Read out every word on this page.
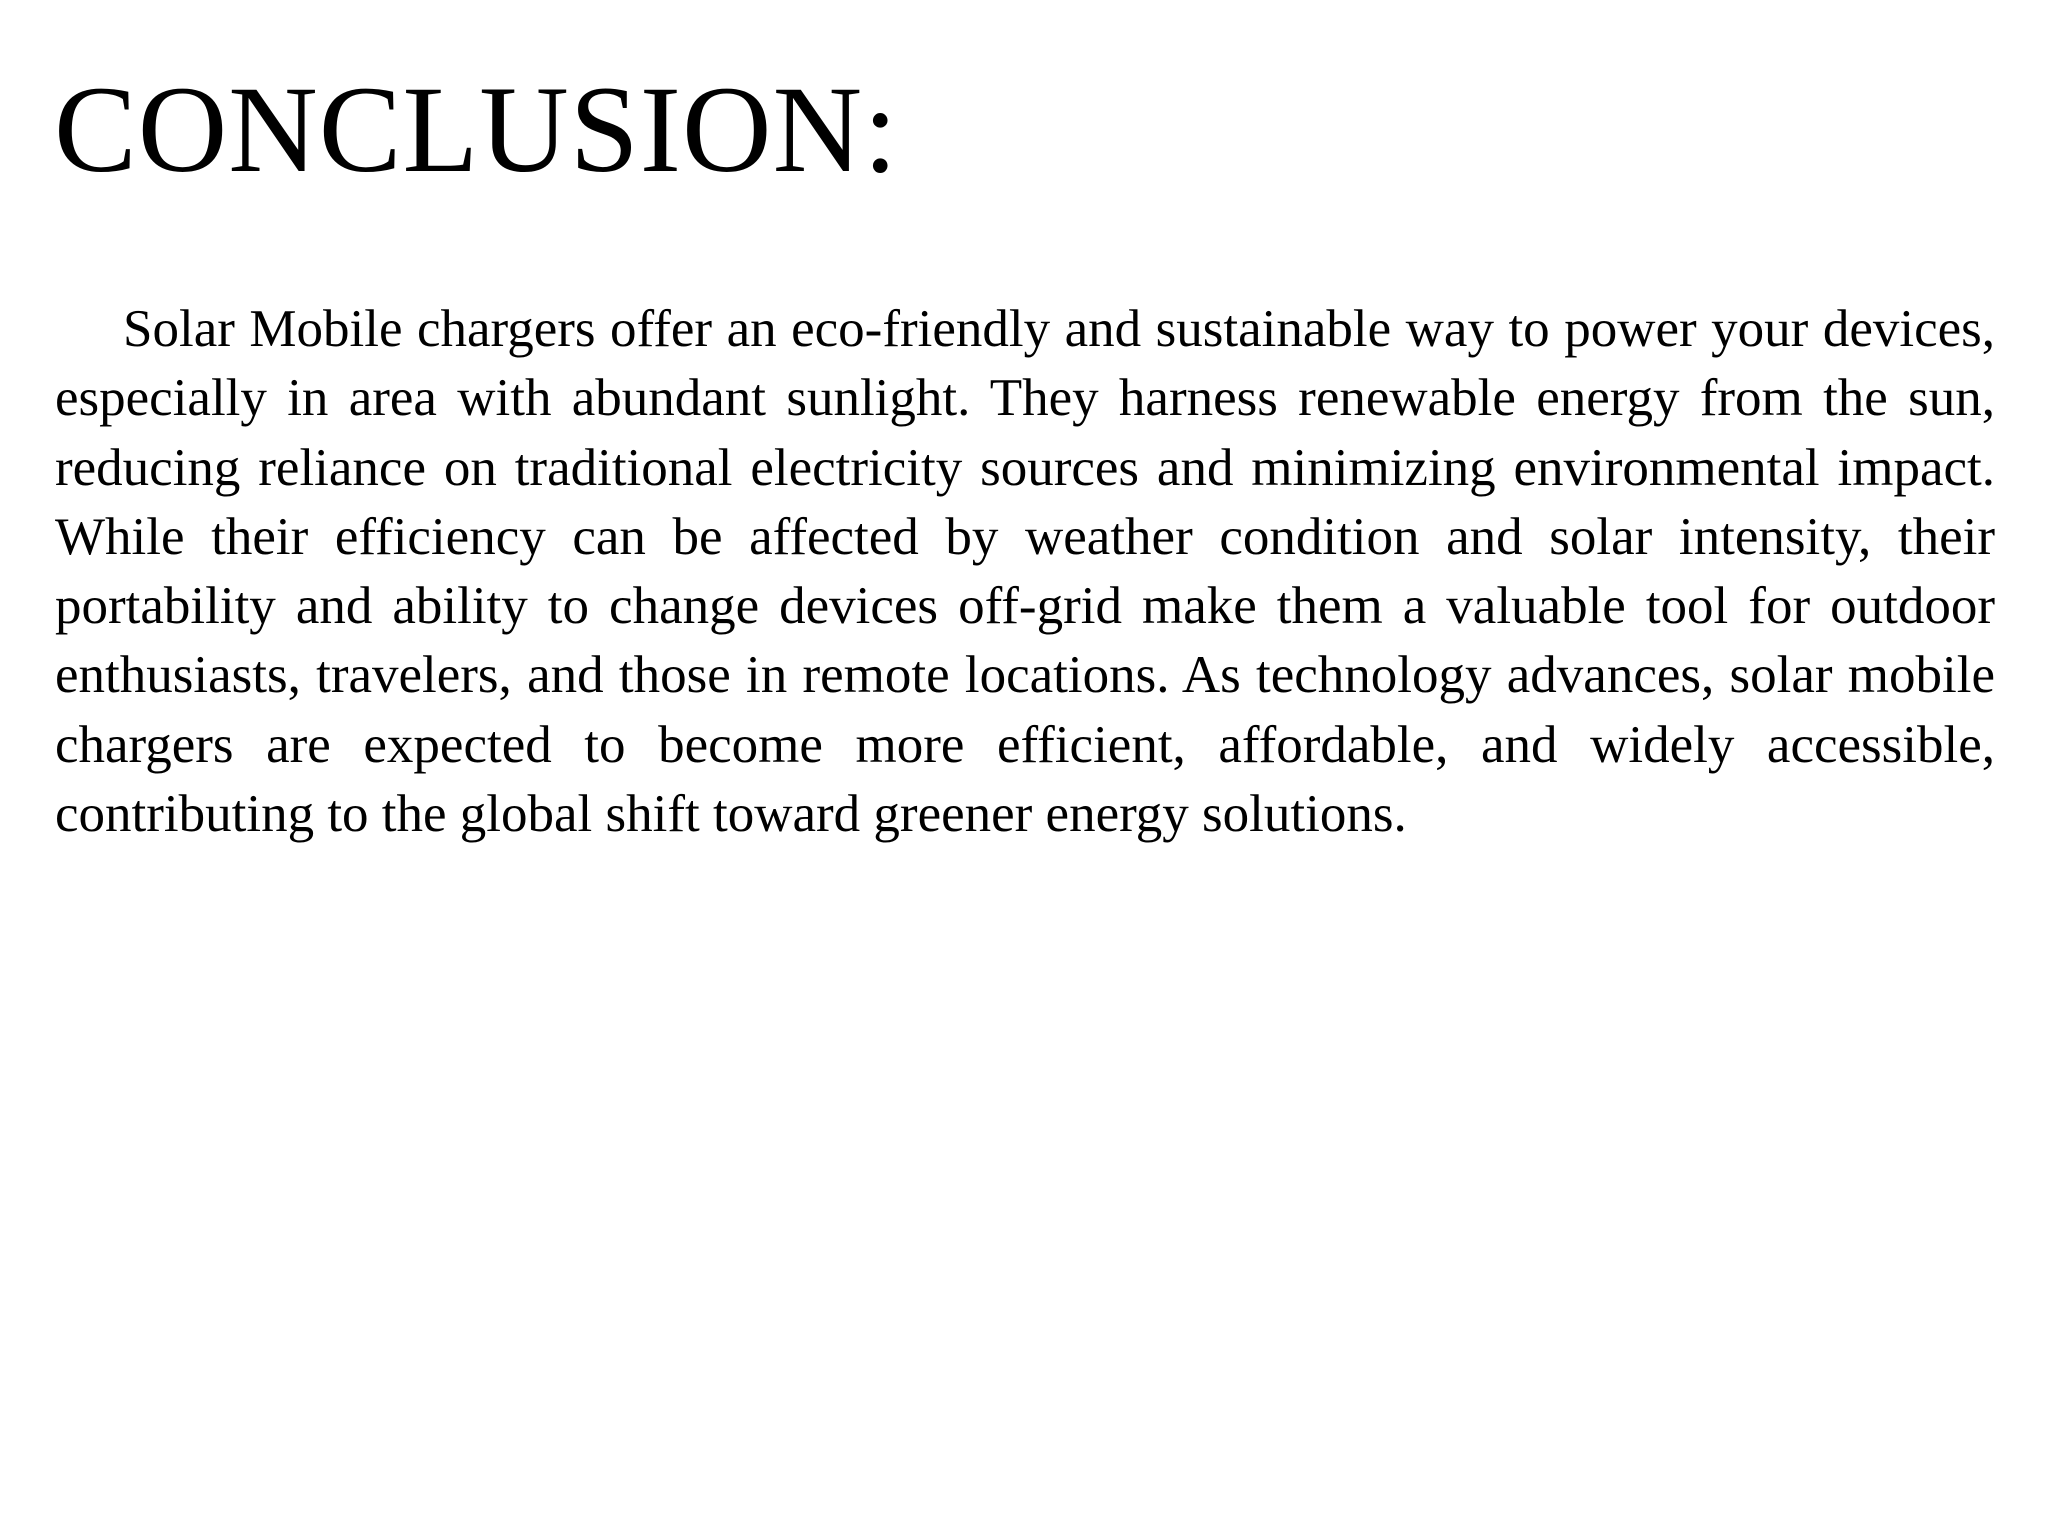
CONCLUSION:

Solar Mobile chargers offer an eco-friendly and sustainable way to power your devices, especially in area with abundant sunlight. They harness renewable energy from the sun, reducing reliance on traditional electricity sources and minimizing environmental impact. While their efficiency can be affected by weather condition and solar intensity, their portability and ability to change devices off-grid make them a valuable tool for outdoor enthusiasts, travelers, and those in remote locations. As technology advances, solar mobile chargers are expected to become more efficient, affordable, and widely accessible, contributing to the global shift toward greener energy solutions.
